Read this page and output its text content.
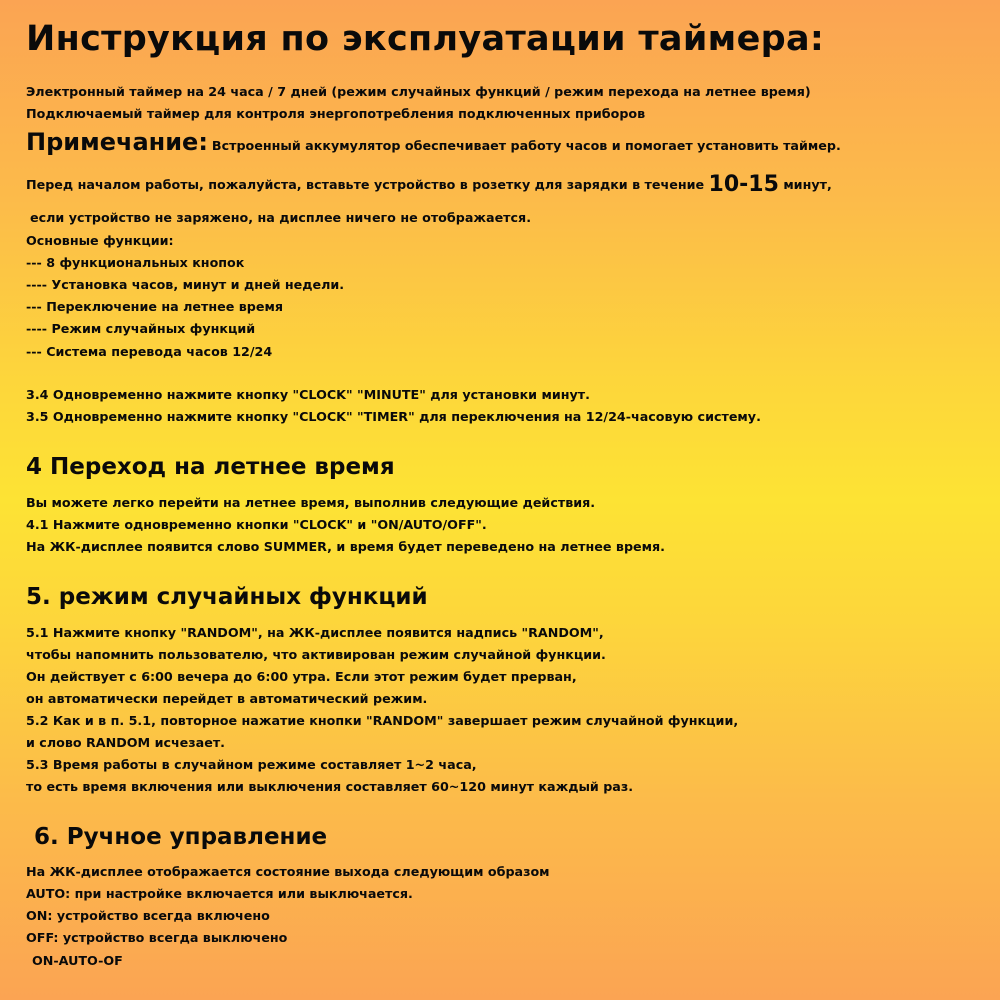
Инструкция по эксплуатации таймера:
Электронный таймер на 24 часа / 7 дней (режим случайных функций / режим перехода на летнее время)
Подключаемый таймер для контроля энергопотребления подключенных приборов
Примечание: Встроенный аккумулятор обеспечивает работу часов и помогает установить таймер.
Перед началом работы, пожалуйста, вставьте устройство в розетку для зарядки в течение 10-15 минут,
если устройство не заряжено, на дисплее ничего не отображается.
Основные функции:
--- 8 функциональных кнопок
---- Установка часов, минут и дней недели.
--- Переключение на летнее время
---- Режим случайных функций
--- Система перевода часов 12/24
3.4 Одновременно нажмите кнопку "CLOCK" "MINUTE" для установки минут.
3.5 Одновременно нажмите кнопку "CLOCK" "TIMER" для переключения на 12/24-часовую систему.
4 Переход на летнее время
Вы можете легко перейти на летнее время, выполнив следующие действия.
4.1 Нажмите одновременно кнопки "CLOCK" и "ON/AUTO/OFF".
На ЖК-дисплее появится слово SUMMER, и время будет переведено на летнее время.
5. режим случайных функций
5.1 Нажмите кнопку "RANDOM", на ЖК-дисплее появится надпись "RANDOM",
чтобы напомнить пользователю, что активирован режим случайной функции.
Он действует с 6:00 вечера до 6:00 утра. Если этот режим будет прерван,
он автоматически перейдет в автоматический режим.
5.2 Как и в п. 5.1, повторное нажатие кнопки "RANDOM" завершает режим случайной функции,
и слово RANDOM исчезает.
5.3 Время работы в случайном режиме составляет 1~2 часа,
то есть время включения или выключения составляет 60~120 минут каждый раз.
6. Ручное управление
На ЖК-дисплее отображается состояние выхода следующим образом
AUTO: при настройке включается или выключается.
ON: устройство всегда включено
OFF: устройство всегда выключено
ON-AUTO-OF
